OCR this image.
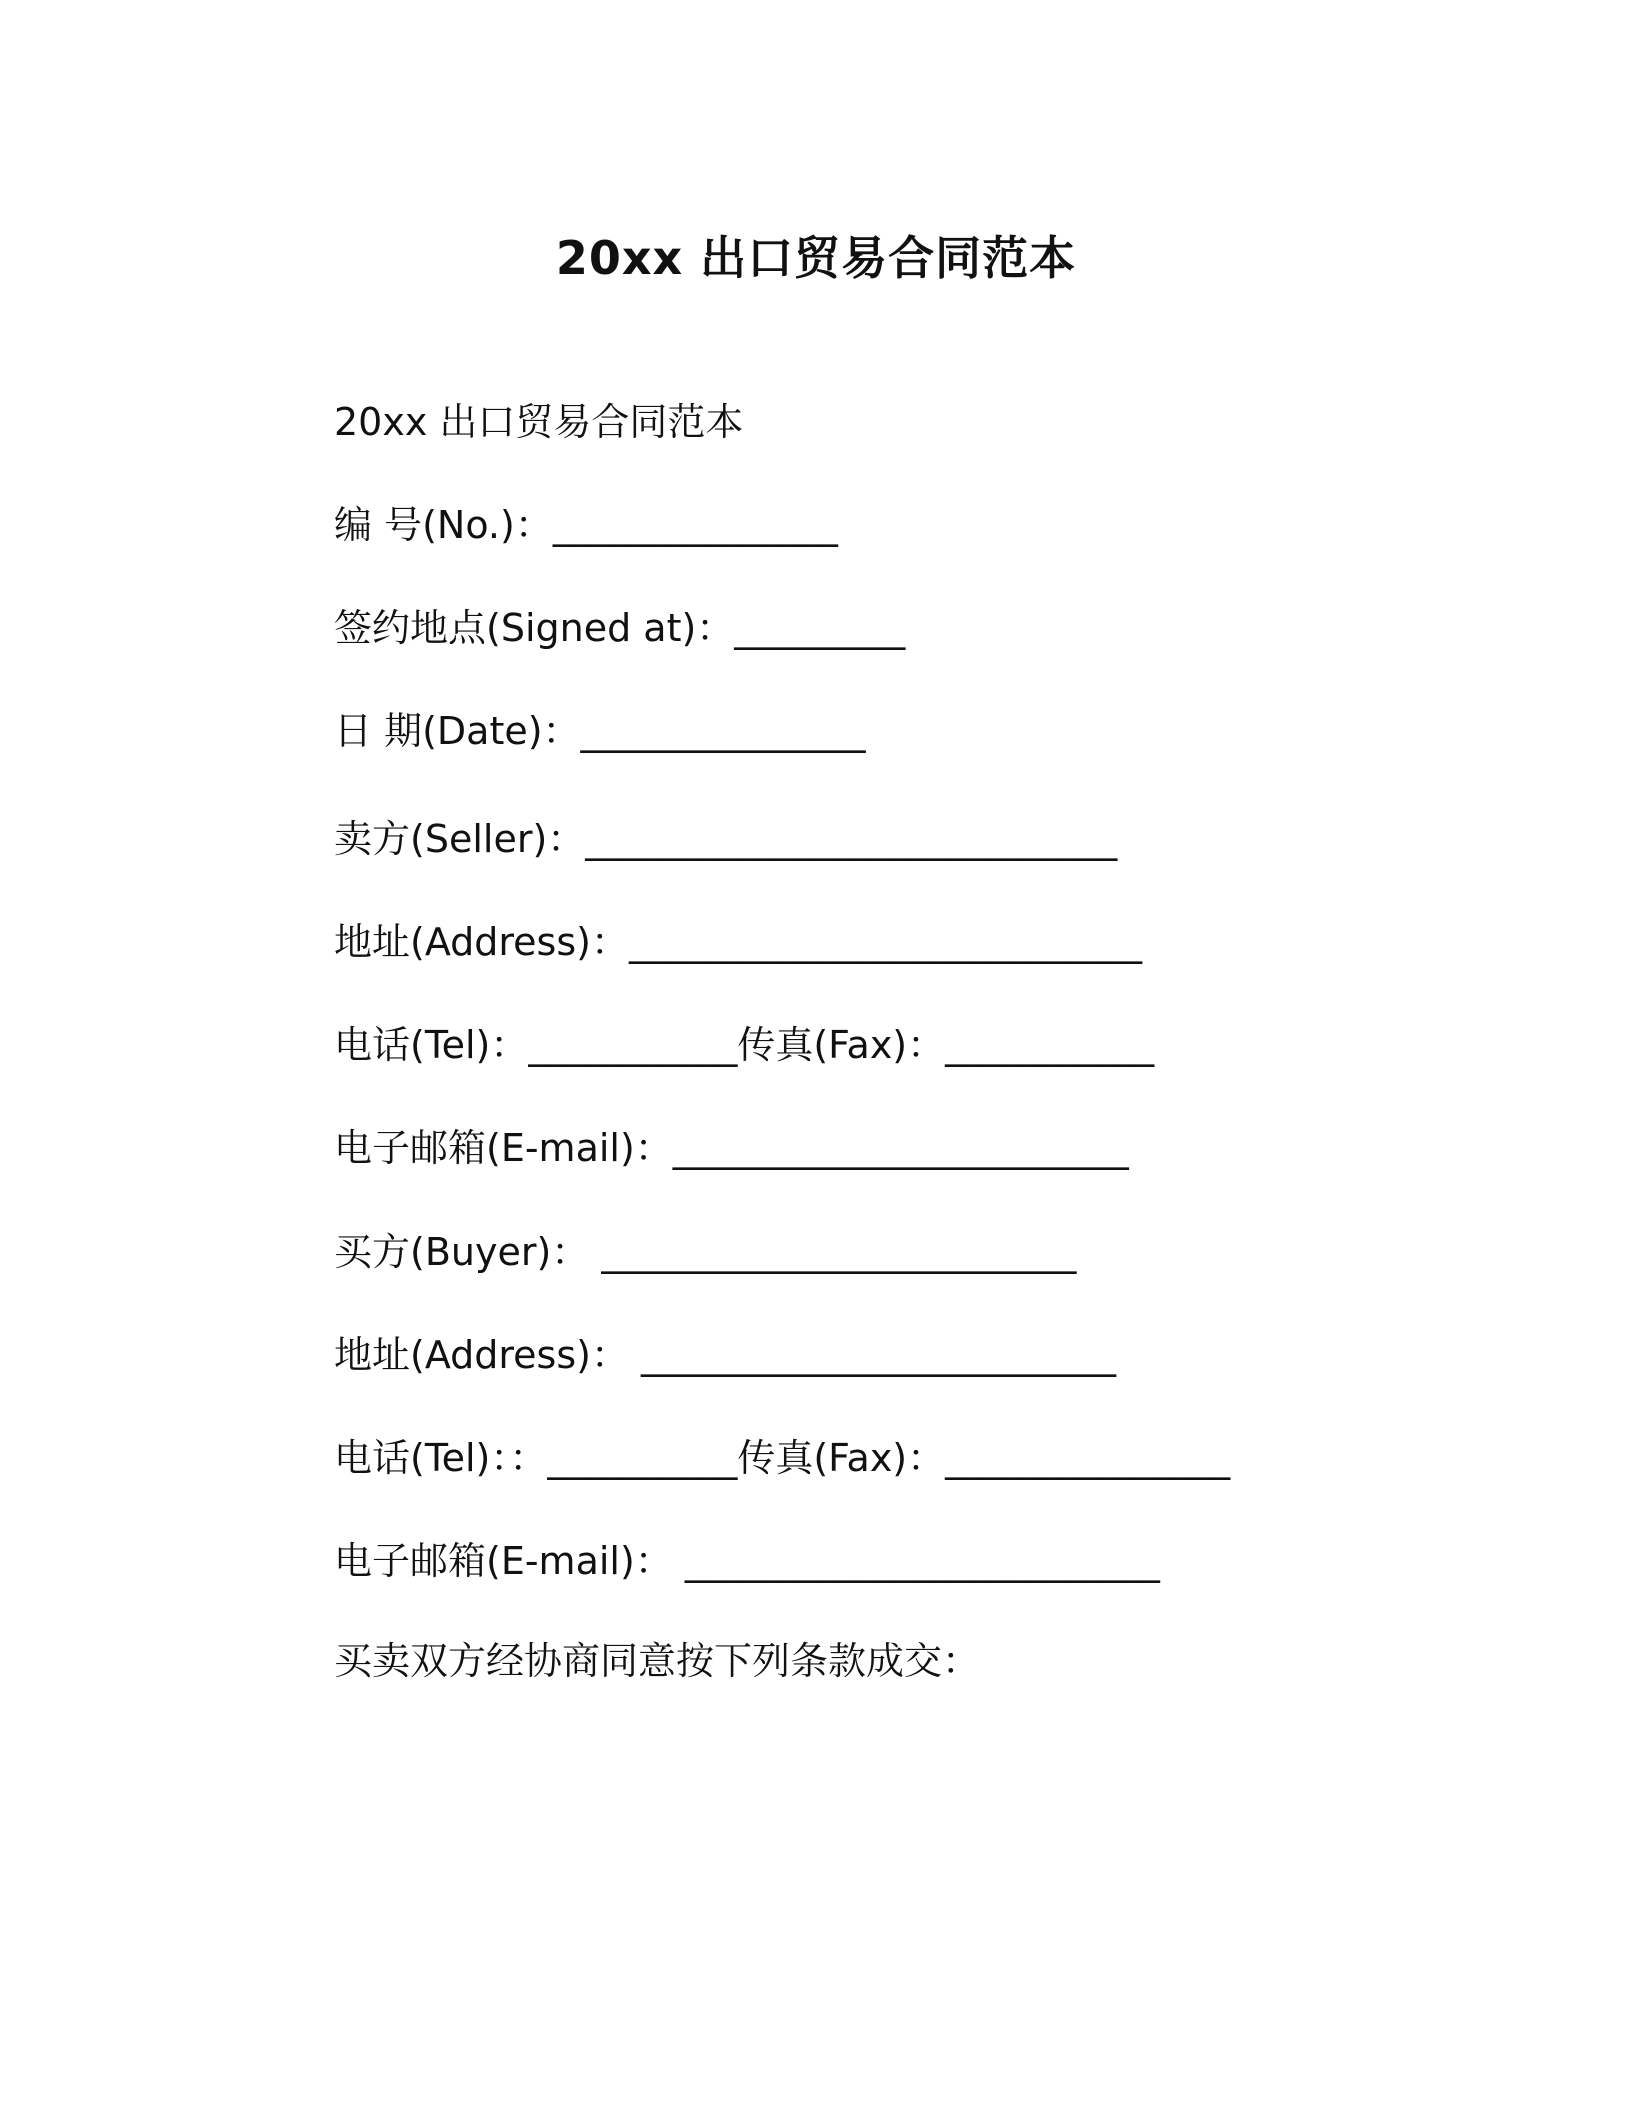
20xx 出口贸易合同范本
20xx 出口贸易合同范本
编 号(No.)：_______________
签约地点(Signed at)：_________
日 期(Date)：_______________
卖方(Seller)：____________________________
地址(Address)：___________________________
电话(Tel)：___________传真(Fax)：___________
电子邮箱(E-mail)：________________________
买方(Buyer)： _________________________
地址(Address)： _________________________
电话(Tel)：：__________传真(Fax)：_______________
电子邮箱(E-mail)： _________________________
买卖双方经协商同意按下列条款成交：
